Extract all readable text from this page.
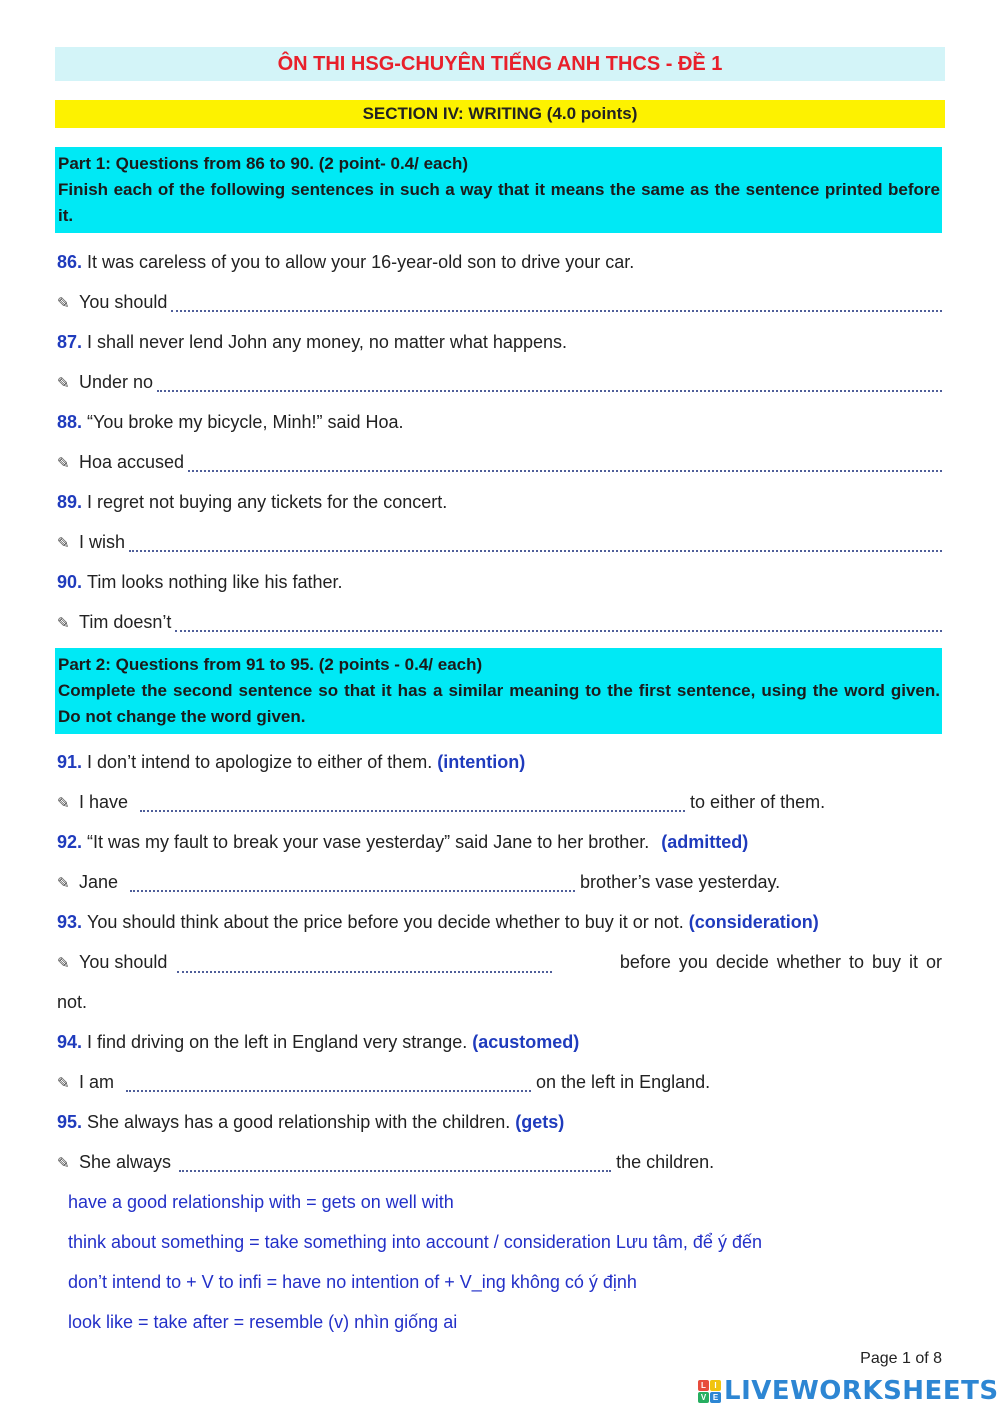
ÔN THI HSG-CHUYÊN TIẾNG ANH THCS - ĐỀ 1
SECTION IV: WRITING (4.0 points)
Part 1: Questions from 86 to 90. (2 point- 0.4/ each)
Finish each of the following sentences in such a way that it means the same as the sentence printed before it.
86. It was careless of you to allow your 16-year-old son to drive your car.
✎ You should
87. I shall never lend John any money, no matter what happens.
✎ Under no
88. “You broke my bicycle, Minh!” said Hoa.
✎ Hoa accused
89. I regret not buying any tickets for the concert.
✎ I wish
90. Tim looks nothing like his father.
✎ Tim doesn’t
Part 2: Questions from 91 to 95. (2 points - 0.4/ each)
Complete the second sentence so that it has a similar meaning to the first sentence, using the word given. Do not change the word given.
91. I don’t intend to apologize to either of them. (intention)
✎ I have	to either of them.
92. “It was my fault to break your vase yesterday” said Jane to her brother. (admitted)
✎ Jane	brother’s vase yesterday.
93. You should think about the price before you decide whether to buy it or not. (consideration)
✎ You should	before you decide whether to buy it or
not.
94. I find driving on the left in England very strange. (acustomed)
✎ I am	on the left in England.
95. She always has a good relationship with the children. (gets)
✎ She always	the children.
have a good relationship with = gets on well with
think about something = take something into account / consideration Lưu tâm, để ý đến
don’t intend to + V to infi = have no intention of + V_ing không có ý định
look like = take after = resemble (v) nhìn giống ai
Page 1 of 8
L	I
V E LIVEWORKSHEETS
